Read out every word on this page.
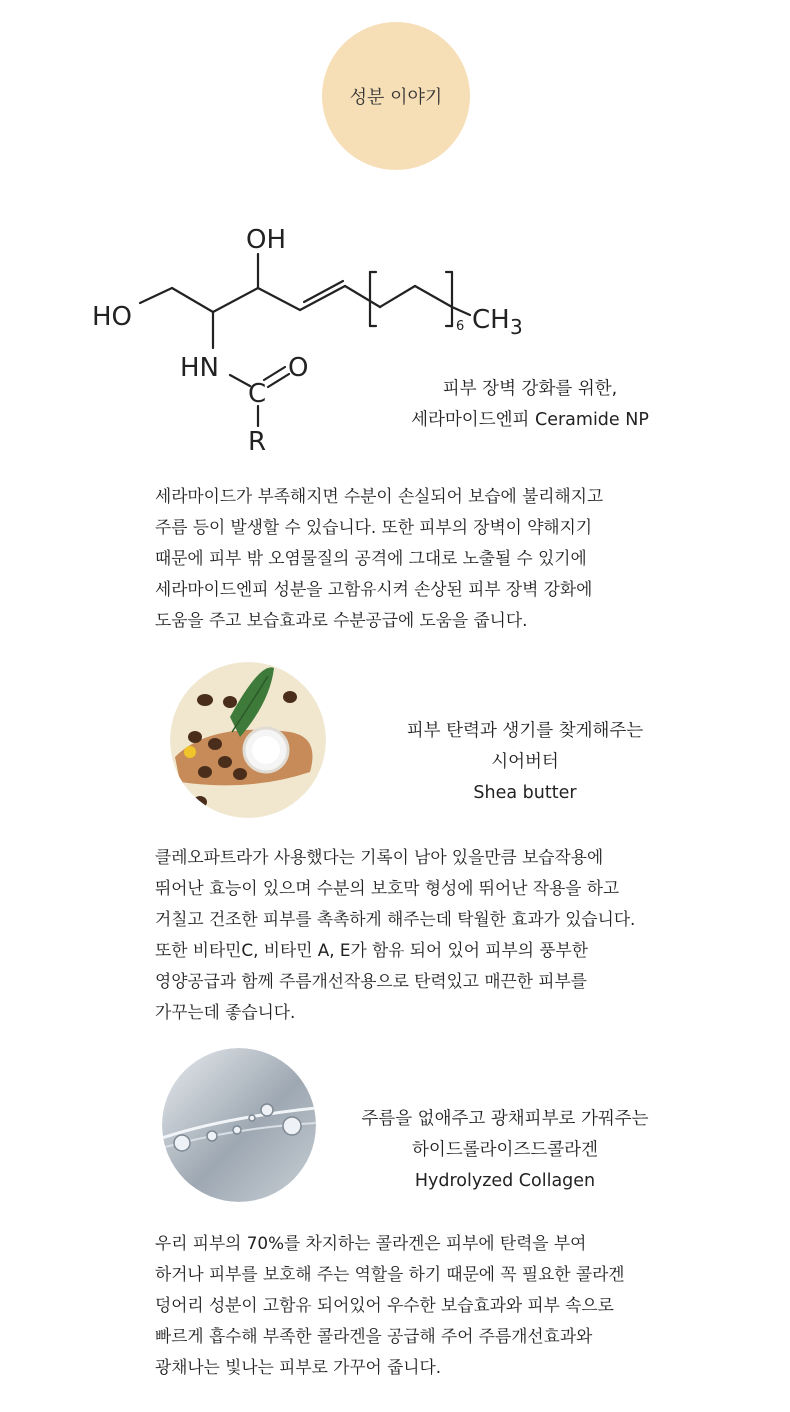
성분 이야기
OH
HO
HN	O
C
R
CH 3
6
피부 장벽 강화를 위한,
세라마이드엔피 Ceramide NP

세라마이드가 부족해지면 수분이 손실되어 보습에 불리해지고

주름 등이 발생할 수 있습니다. 또한 피부의 장벽이 약해지기

때문에 피부 밖 오염물질의 공격에 그대로 노출될 수 있기에

세라마이드엔피 성분을 고함유시켜 손상된 피부 장벽 강화에

도움을 주고 보습효과로 수분공급에 도움을 줍니다.

피부 탄력과 생기를 찾게해주는
시어버터
Shea butter

클레오파트라가 사용했다는 기록이 남아 있을만큼 보습작용에

뛰어난 효능이 있으며 수분의 보호막 형성에 뛰어난 작용을 하고

거칠고 건조한 피부를 촉촉하게 해주는데 탁월한 효과가 있습니다.

또한 비타민C, 비타민 A, E가 함유 되어 있어 피부의 풍부한

영양공급과 함께 주름개선작용으로 탄력있고 매끈한 피부를

가꾸는데 좋습니다.

주름을 없애주고 광채피부로 가꿔주는
하이드롤라이즈드콜라겐
Hydrolyzed Collagen

우리 피부의 70%를 차지하는 콜라겐은 피부에 탄력을 부여

하거나 피부를 보호해 주는 역할을 하기 때문에 꼭 필요한 콜라겐

덩어리 성분이 고함유 되어있어 우수한 보습효과와 피부 속으로

빠르게 흡수해 부족한 콜라겐을 공급해 주어 주름개선효과와

광채나는 빛나는 피부로 가꾸어 줍니다.
